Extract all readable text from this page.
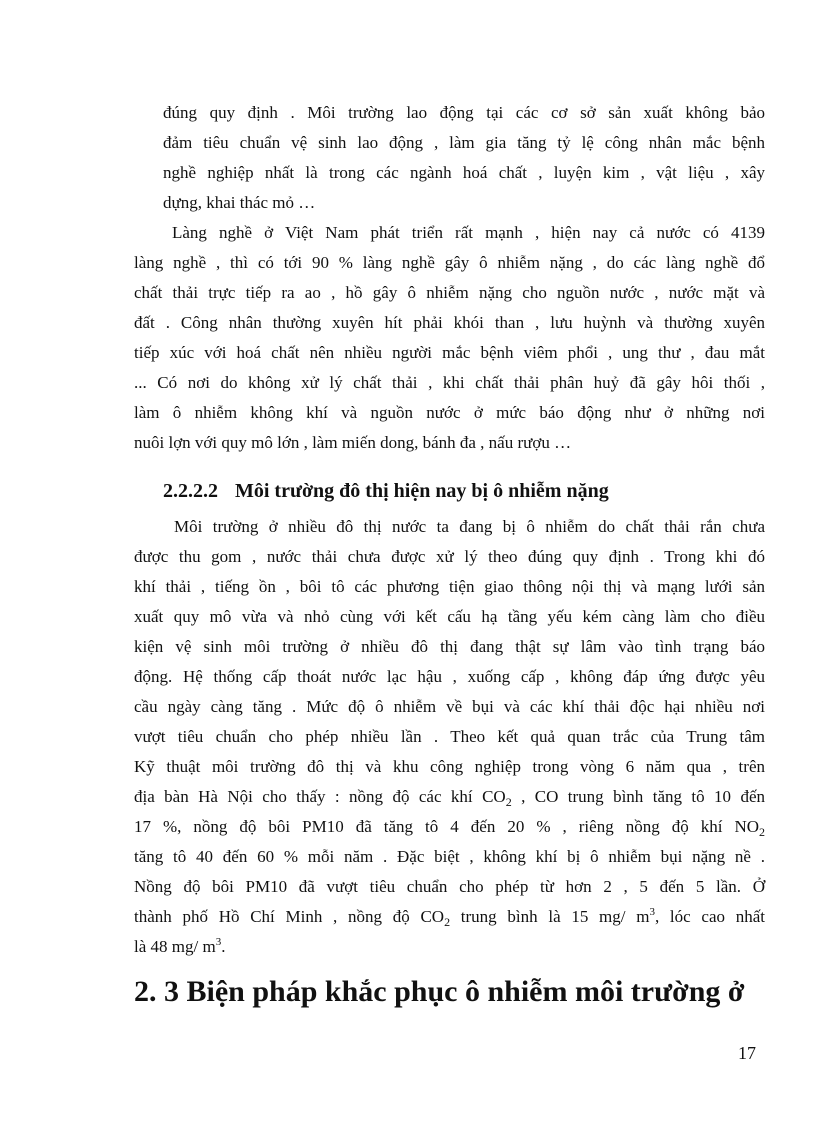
đúng quy định . Môi trường lao động tại các cơ sở sản xuất không bảo
đảm tiêu chuẩn vệ sinh lao động , làm gia tăng tỷ lệ công nhân mắc bệnh
nghề nghiệp nhất là trong các ngành hoá chất , luyện kim , vật liệu , xây
dựng, khai thác mỏ …
Làng nghề ở Việt Nam phát triển rất mạnh , hiện nay cả nước có 4139
làng nghề , thì có tới 90 % làng nghề gây ô nhiễm nặng , do các làng nghề đổ
chất thải trực tiếp ra ao , hồ gây ô nhiễm nặng cho nguồn nước , nước mặt và
đất . Công nhân thường xuyên hít phải khói than , lưu huỳnh và thường xuyên
tiếp xúc với hoá chất nên nhiều người mắc bệnh viêm phổi , ung thư , đau mắt
... Có nơi do không xử lý chất thải , khi chất thải phân huỷ đã gây hôi thối ,
làm ô nhiễm không khí và nguồn nước ở mức báo động như ở những nơi
nuôi lợn với quy mô lớn , làm miến dong, bánh đa , nấu rượu …
2.2.2.2 Môi trường đô thị hiện nay bị ô nhiễm nặng
Môi trường ở nhiều đô thị nước ta đang bị ô nhiễm do chất thải rắn chưa
được thu gom , nước thải chưa được xử lý theo đúng quy định . Trong khi đó
khí thải , tiếng ồn , bôi tô các phương tiện giao thông nội thị và mạng lưới sản
xuất quy mô vừa và nhỏ cùng với kết cấu hạ tầng yếu kém càng làm cho điều
kiện vệ sinh môi trường ở nhiều đô thị đang thật sự lâm vào tình trạng báo
động. Hệ thống cấp thoát nước lạc hậu , xuống cấp , không đáp ứng được yêu
cầu ngày càng tăng . Mức độ ô nhiễm về bụi và các khí thải độc hại nhiều nơi
vượt tiêu chuẩn cho phép nhiều lần . Theo kết quả quan trắc của Trung tâm
Kỹ thuật môi trường đô thị và khu công nghiệp trong vòng 6 năm qua , trên
địa bàn Hà Nội cho thấy : nồng độ các khí $CO_2$ , CO trung bình tăng tô 10 đến
17 %, nồng độ bôi PM10 đã tăng tô 4 đến 20 % , riêng nồng độ khí $NO_2$
tăng tô 40 đến 60 % mỗi năm . Đặc biệt , không khí bị ô nhiễm bụi nặng nề .
Nồng độ bôi PM10 đã vượt tiêu chuẩn cho phép từ hơn 2 , 5 đến 5 lần. Ở
thành phố Hồ Chí Minh , nồng độ $CO_2$ trung bình là 15 mg/ $m^3$, lóc cao nhất
là 48 mg/ $m^3$.
2. 3 Biện pháp khắc phục ô nhiễm môi trường ở
17
